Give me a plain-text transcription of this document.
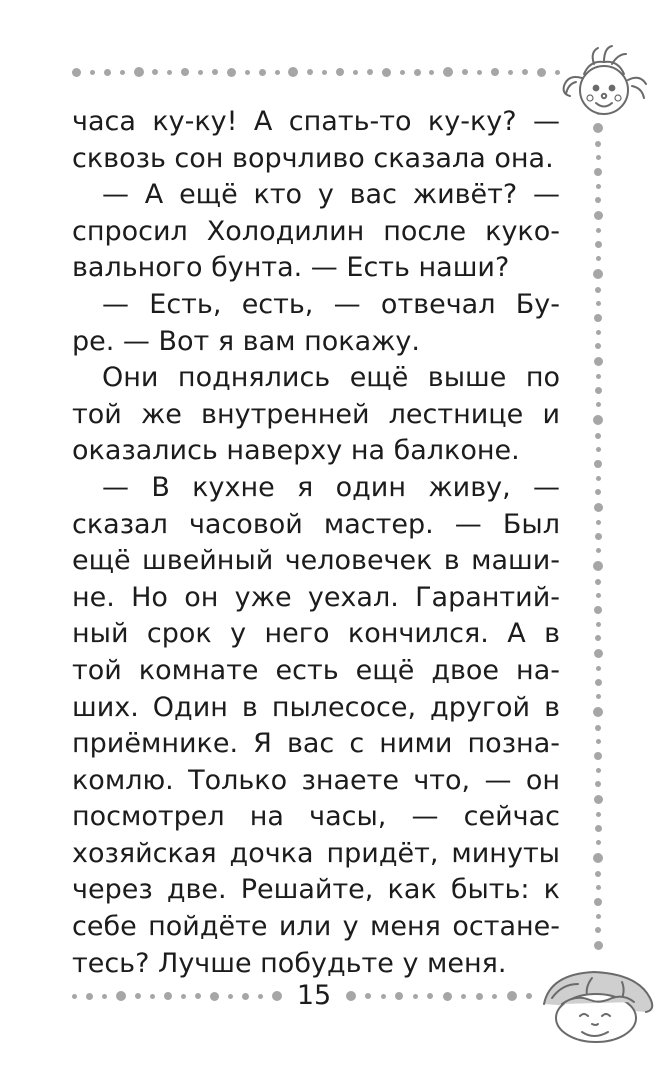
часа ку-ку! А спать-то ку-ку? —
сквозь сон ворчливо сказала она.
— А ещё кто у вас живёт? —
спросил Холодилин после куко-
вального бунта. — Есть наши?
— Есть, есть, — отвечал Бу-
ре. — Вот я вам покажу.
Они поднялись ещё выше по
той же внутренней лестнице и
оказались наверху на балконе.
— В кухне я один живу, —
сказал часовой мастер. — Был
ещё швейный человечек в маши-
не. Но он уже уехал. Гарантий-
ный срок у него кончился. А в
той комнате есть ещё двое на-
ших. Один в пылесосе, другой в
приёмнике. Я вас с ними позна-
комлю. Только знаете что, — он
посмотрел на часы, — сейчас
хозяйская дочка придёт, минуты
через две. Решайте, как быть: к
себе пойдёте или у меня остане-
тесь? Лучше побудьте у меня.
15
